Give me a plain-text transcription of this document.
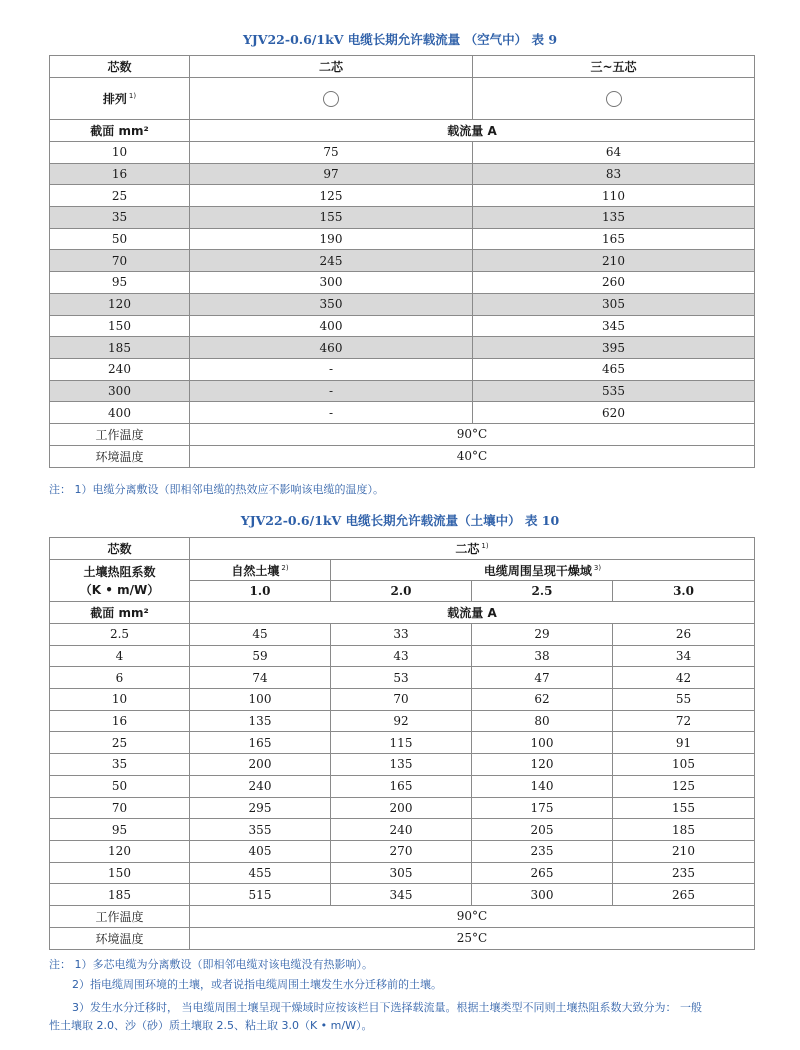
YJV22-0.6/1kV 电缆长期允许载流量 （空气中） 表 9
芯数	二芯	三~五芯
排列 $^{1)}$		
截面 mm²	载流量 A	
10	75	64
16	97	83
25	125	110
35	155	135
50	190	165
70	245	210
95	300	260
120	350	305
150	400	345
185	460	395
240	-	465
300	-	535
400	-	620
工作温度	90°C	
环境温度	40°C	
注： 1）电缆分离敷设（即相邻电缆的热效应不影响该电缆的温度）。
YJV22-0.6/1kV 电缆长期允许载流量（土壤中） 表 10
芯数	二芯 $^{1)}$

土壤热阻系数
（K • m/W）	自然土壤 $^{2)}$	电缆周围呈现干燥域 $^{3)}$
	1.0	2.0	2.5	3.0
截面 mm²	载流量 A			
2.5	45	33	29	26
4	59	43	38	34
6	74	53	47	42
10	100	70	62	55
16	135	92	80	72
25	165	115	100	91
35	200	135	120	105
50	240	165	140	125
70	295	200	175	155
95	355	240	205	185
120	405	270	235	210
150	455	305	265	235
185	515	345	300	265
工作温度	90°C			
环境温度	25°C			
注： 1）多芯电缆为分离敷设（即相邻电缆对该电缆没有热影响）。
2）指电缆周围环境的土壤，或者说指电缆周围土壤发生水分迁移前的土壤。
3）发生水分迁移时， 当电缆周围土壤呈现干燥域时应按该栏目下选择载流量。根据土壤类型不同则土壤热阻系数大致分为： 一般
性土壤取 2.0、沙（砂）质土壤取 2.5、粘土取 3.0（K • m/W）。
